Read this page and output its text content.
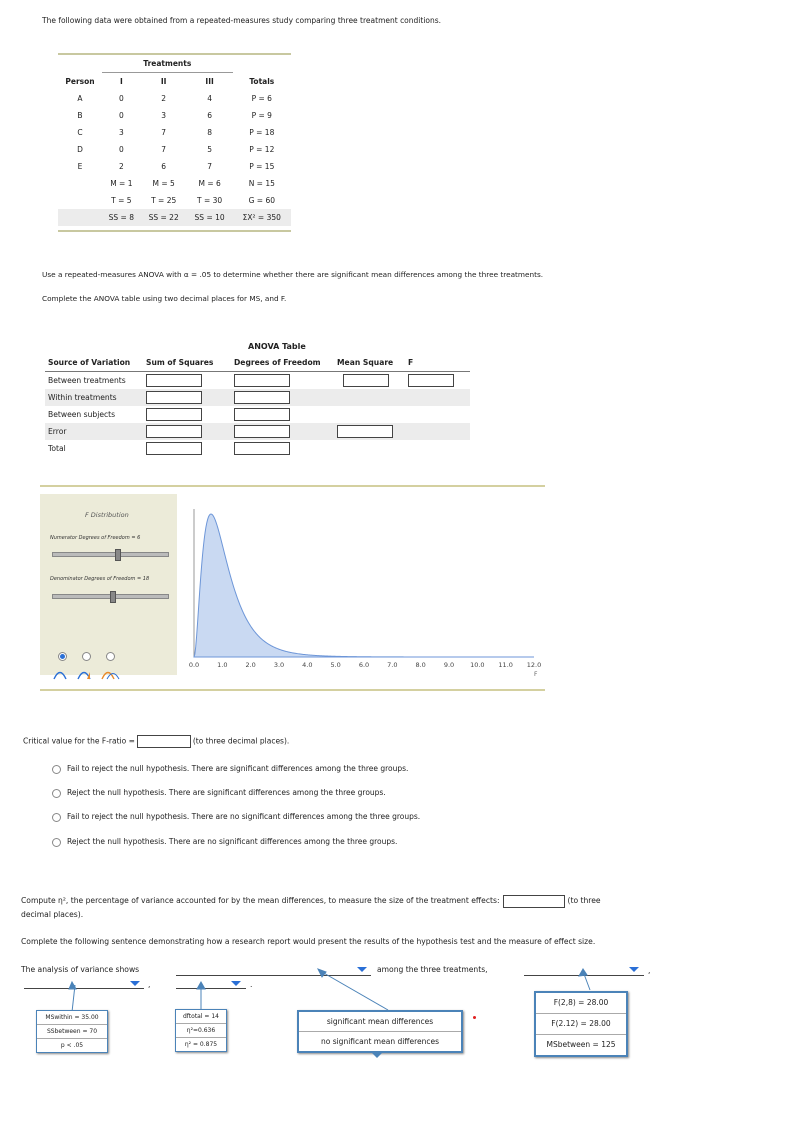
The following data were obtained from a repeated-measures study comparing three treatment conditions.
	Treatments			
Person	I	II	III	Totals
A	0	2	4	P = 6
B	0	3	6	P = 9
C	3	7	8	P = 18
D	0	7	5	P = 12
E	2	6	7	P = 15
	M = 1	M = 5	M = 6	N = 15
	T = 5	T = 25	T = 30	G = 60
	SS = 8	SS = 22	SS = 10	ΣX² = 350
Use a repeated-measures ANOVA with α = .05 to determine whether there are significant mean differences among the three treatments.
Complete the ANOVA table using two decimal places for MS, and F.
ANOVA Table
Source of Variation	Sum of Squares	Degrees of Freedom	Mean Square	F
Between treatments				
Within treatments				
Between subjects				
Error				
Total				
F Distribution
Numerator Degrees of Freedom = 6
Denominator Degrees of Freedom = 18
0.0	1.0	2.0	3.0	4.0	5.0	6.0	7.0	8.0	9.0 10.0 11.0 12.0
F
Critical value for the F-ratio =	(to three decimal places).
Fail to reject the null hypothesis. There are significant differences among the three groups.
Reject the null hypothesis. There are significant differences among the three groups.
Fail to reject the null hypothesis. There are no significant differences among the three groups.
Reject the null hypothesis. There are no significant differences among the three groups.
Compute η², the percentage of variance accounted for by the mean differences, to measure the size of the treatment effects:	(to three
decimal places).
Complete the following sentence demonstrating how a research report would present the results of the hypothesis test and the measure of effect size.
The analysis of variance shows	among the three treatments,	,
,	.
MSwithin = 35.00
SSbetween = 70
p < .05
dftotal = 14
η²=0.636
η² = 0.875
significant mean differences
no significant mean differences
F(2,8) = 28.00
F(2.12) = 28.00
MSbetween = 125
